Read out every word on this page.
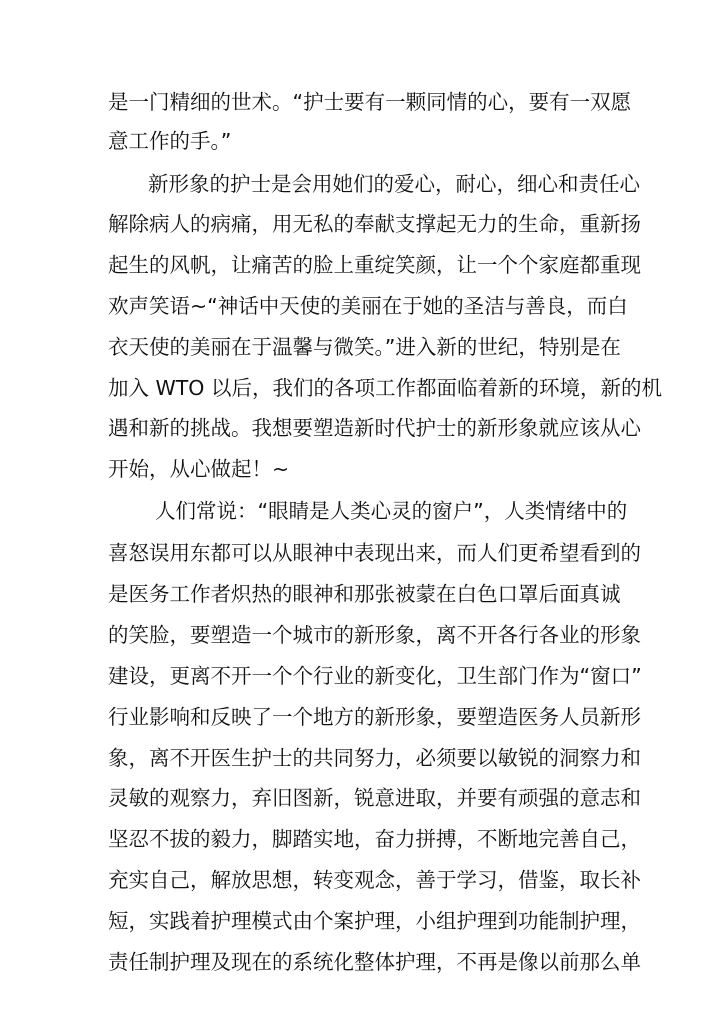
是一门精细的世术。“护士要有一颗同情的心，要有一双愿
意工作的手。”
新形象的护士是会用她们的爱心，耐心，细心和责任心
解除病人的病痛，用无私的奉献支撑起无力的生命，重新扬
起生的风帆，让痛苦的脸上重绽笑颜，让一个个家庭都重现
欢声笑语~“神话中天使的美丽在于她的圣洁与善良，而白
衣天使的美丽在于温馨与微笑。”进入新的世纪，特别是在
加入 WTO 以后，我们的各项工作都面临着新的环境，新的机
遇和新的挑战。我想要塑造新时代护士的新形象就应该从心
开始，从心做起！~
人们常说：“眼睛是人类心灵的窗户”，人类情绪中的
喜怒误用东都可以从眼神中表现出来，而人们更希望看到的
是医务工作者炽热的眼神和那张被蒙在白色口罩后面真诚
的笑脸，要塑造一个城市的新形象，离不开各行各业的形象
建设，更离不开一个个行业的新变化，卫生部门作为“窗口”
行业影响和反映了一个地方的新形象，要塑造医务人员新形
象，离不开医生护士的共同努力，必须要以敏锐的洞察力和
灵敏的观察力，弃旧图新，锐意进取，并要有顽强的意志和
坚忍不拔的毅力，脚踏实地，奋力拼搏，不断地完善自己，
充实自己，解放思想，转变观念，善于学习，借鉴，取长补
短，实践着护理模式由个案护理，小组护理到功能制护理，
责任制护理及现在的系统化整体护理，不再是像以前那么单
